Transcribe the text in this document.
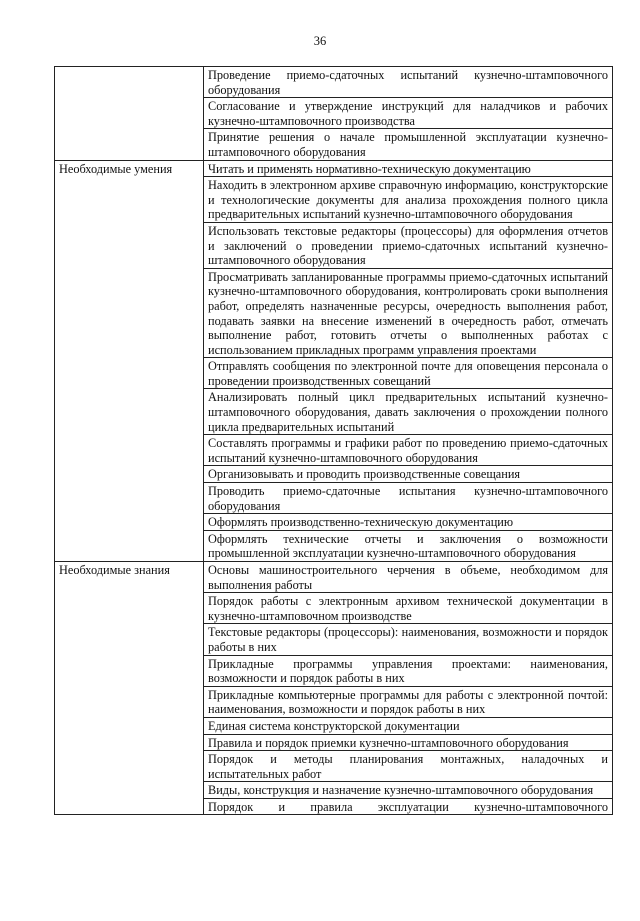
36
	Проведение приемо-сдаточных испытаний кузнечно-штамповочного оборудования
	Согласование и утверждение инструкций для наладчиков и рабочих кузнечно-штамповочного производства
	Принятие решения о начале промышленной эксплуатации кузнечно-штамповочного оборудования
Необходимые умения	Читать и применять нормативно-техническую документацию
	Находить в электронном архиве справочную информацию, конструкторские и технологические документы для анализа прохождения полного цикла предварительных испытаний кузнечно-штамповочного оборудования
	Использовать текстовые редакторы (процессоры) для оформления отчетов и заключений о проведении приемо-сдаточных испытаний кузнечно-штамповочного оборудования
	Просматривать запланированные программы приемо-сдаточных испытаний кузнечно-штамповочного оборудования, контролировать сроки выполнения работ, определять назначенные ресурсы, очередность выполнения работ, подавать заявки на внесение изменений в очередность работ, отмечать выполнение работ, готовить отчеты о выполненных работах с использованием прикладных программ управления проектами
	Отправлять сообщения по электронной почте для оповещения персонала о проведении производственных совещаний
	Анализировать полный цикл предварительных испытаний кузнечно-штамповочного оборудования, давать заключения о прохождении полного цикла предварительных испытаний
	Составлять программы и графики работ по проведению приемо-сдаточных испытаний кузнечно-штамповочного оборудования
	Организовывать и проводить производственные совещания
	Проводить приемо-сдаточные испытания кузнечно-штамповочного оборудования
	Оформлять производственно-техническую документацию
	Оформлять технические отчеты и заключения о возможности промышленной эксплуатации кузнечно-штамповочного оборудования
Необходимые знания	Основы машиностроительного черчения в объеме, необходимом для выполнения работы
	Порядок работы с электронным архивом технической документации в кузнечно-штамповочном производстве
	Текстовые редакторы (процессоры): наименования, возможности и порядок работы в них
	Прикладные программы управления проектами: наименования, возможности и порядок работы в них
	Прикладные компьютерные программы для работы с электронной почтой: наименования, возможности и порядок работы в них
	Единая система конструкторской документации
	Правила и порядок приемки кузнечно-штамповочного оборудования
	Порядок и методы планирования монтажных, наладочных и испытательных работ
	Виды, конструкция и назначение кузнечно-штамповочного оборудования

	Порядок и правила эксплуатации кузнечно-штамповочного
